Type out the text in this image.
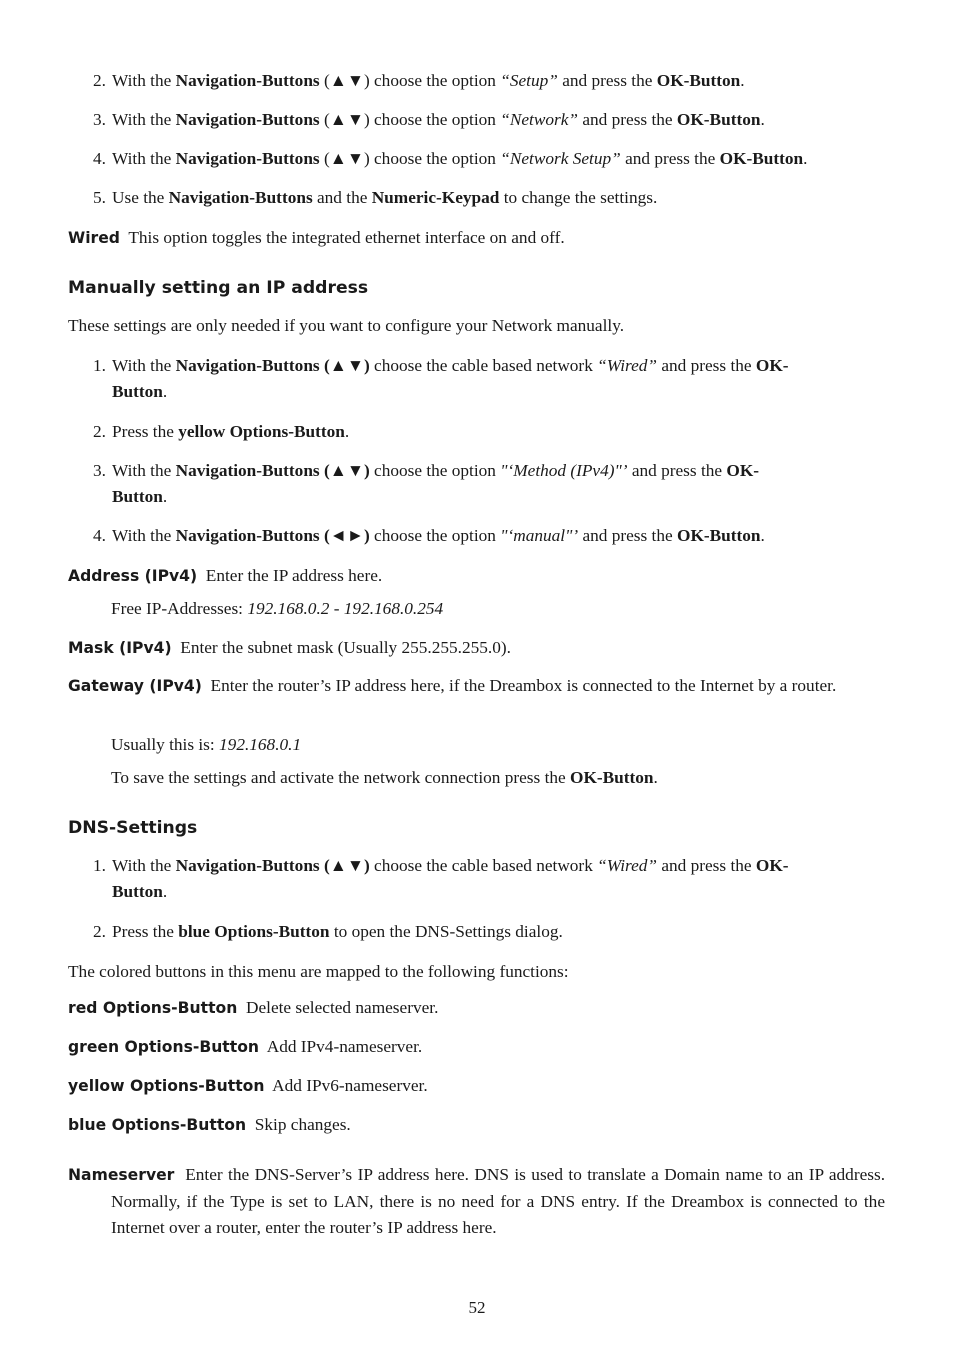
2. With the Navigation-Buttons (▲▼) choose the option “Setup” and press the OK-Button.
3. With the Navigation-Buttons (▲▼) choose the option “Network” and press the OK-Button.
4. With the Navigation-Buttons (▲▼) choose the option “Network Setup” and press the OK-Button.
5. Use the Navigation-Buttons and the Numeric-Keypad to change the settings.
Wired This option toggles the integrated ethernet interface on and off.
Manually setting an IP address
These settings are only needed if you want to configure your Network manually.
1. With the Navigation-Buttons (▲▼) choose the cable based network “Wired” and press the OK-
Button.
2. Press the yellow Options-Button.
3. With the Navigation-Buttons (▲▼) choose the option "‘Method (IPv4)"’ and press the OK-
Button.
4. With the Navigation-Buttons (◄►) choose the option "‘manual"’ and press the OK-Button.
Address (IPv4) Enter the IP address here.
Free IP-Addresses: 192.168.0.2 - 192.168.0.254
Mask (IPv4) Enter the subnet mask (Usually 255.255.255.0).
Gateway (IPv4) Enter the router’s IP address here, if the Dreambox is connected to the Internet by a router.
Usually this is: 192.168.0.1
To save the settings and activate the network connection press the OK-Button.
DNS-Settings
1. With the Navigation-Buttons (▲▼) choose the cable based network “Wired” and press the OK-
Button.
2. Press the blue Options-Button to open the DNS-Settings dialog.
The colored buttons in this menu are mapped to the following functions:
red Options-Button Delete selected nameserver.
green Options-Button Add IPv4-nameserver.
yellow Options-Button Add IPv6-nameserver.
blue Options-Button Skip changes.
Nameserver Enter the DNS-Server’s IP address here. DNS is used to translate a Domain name to an IP address. Normally, if the Type is set to LAN, there is no need for a DNS entry. If the Dreambox is connected to the Internet over a router, enter the router’s IP address here.
52
